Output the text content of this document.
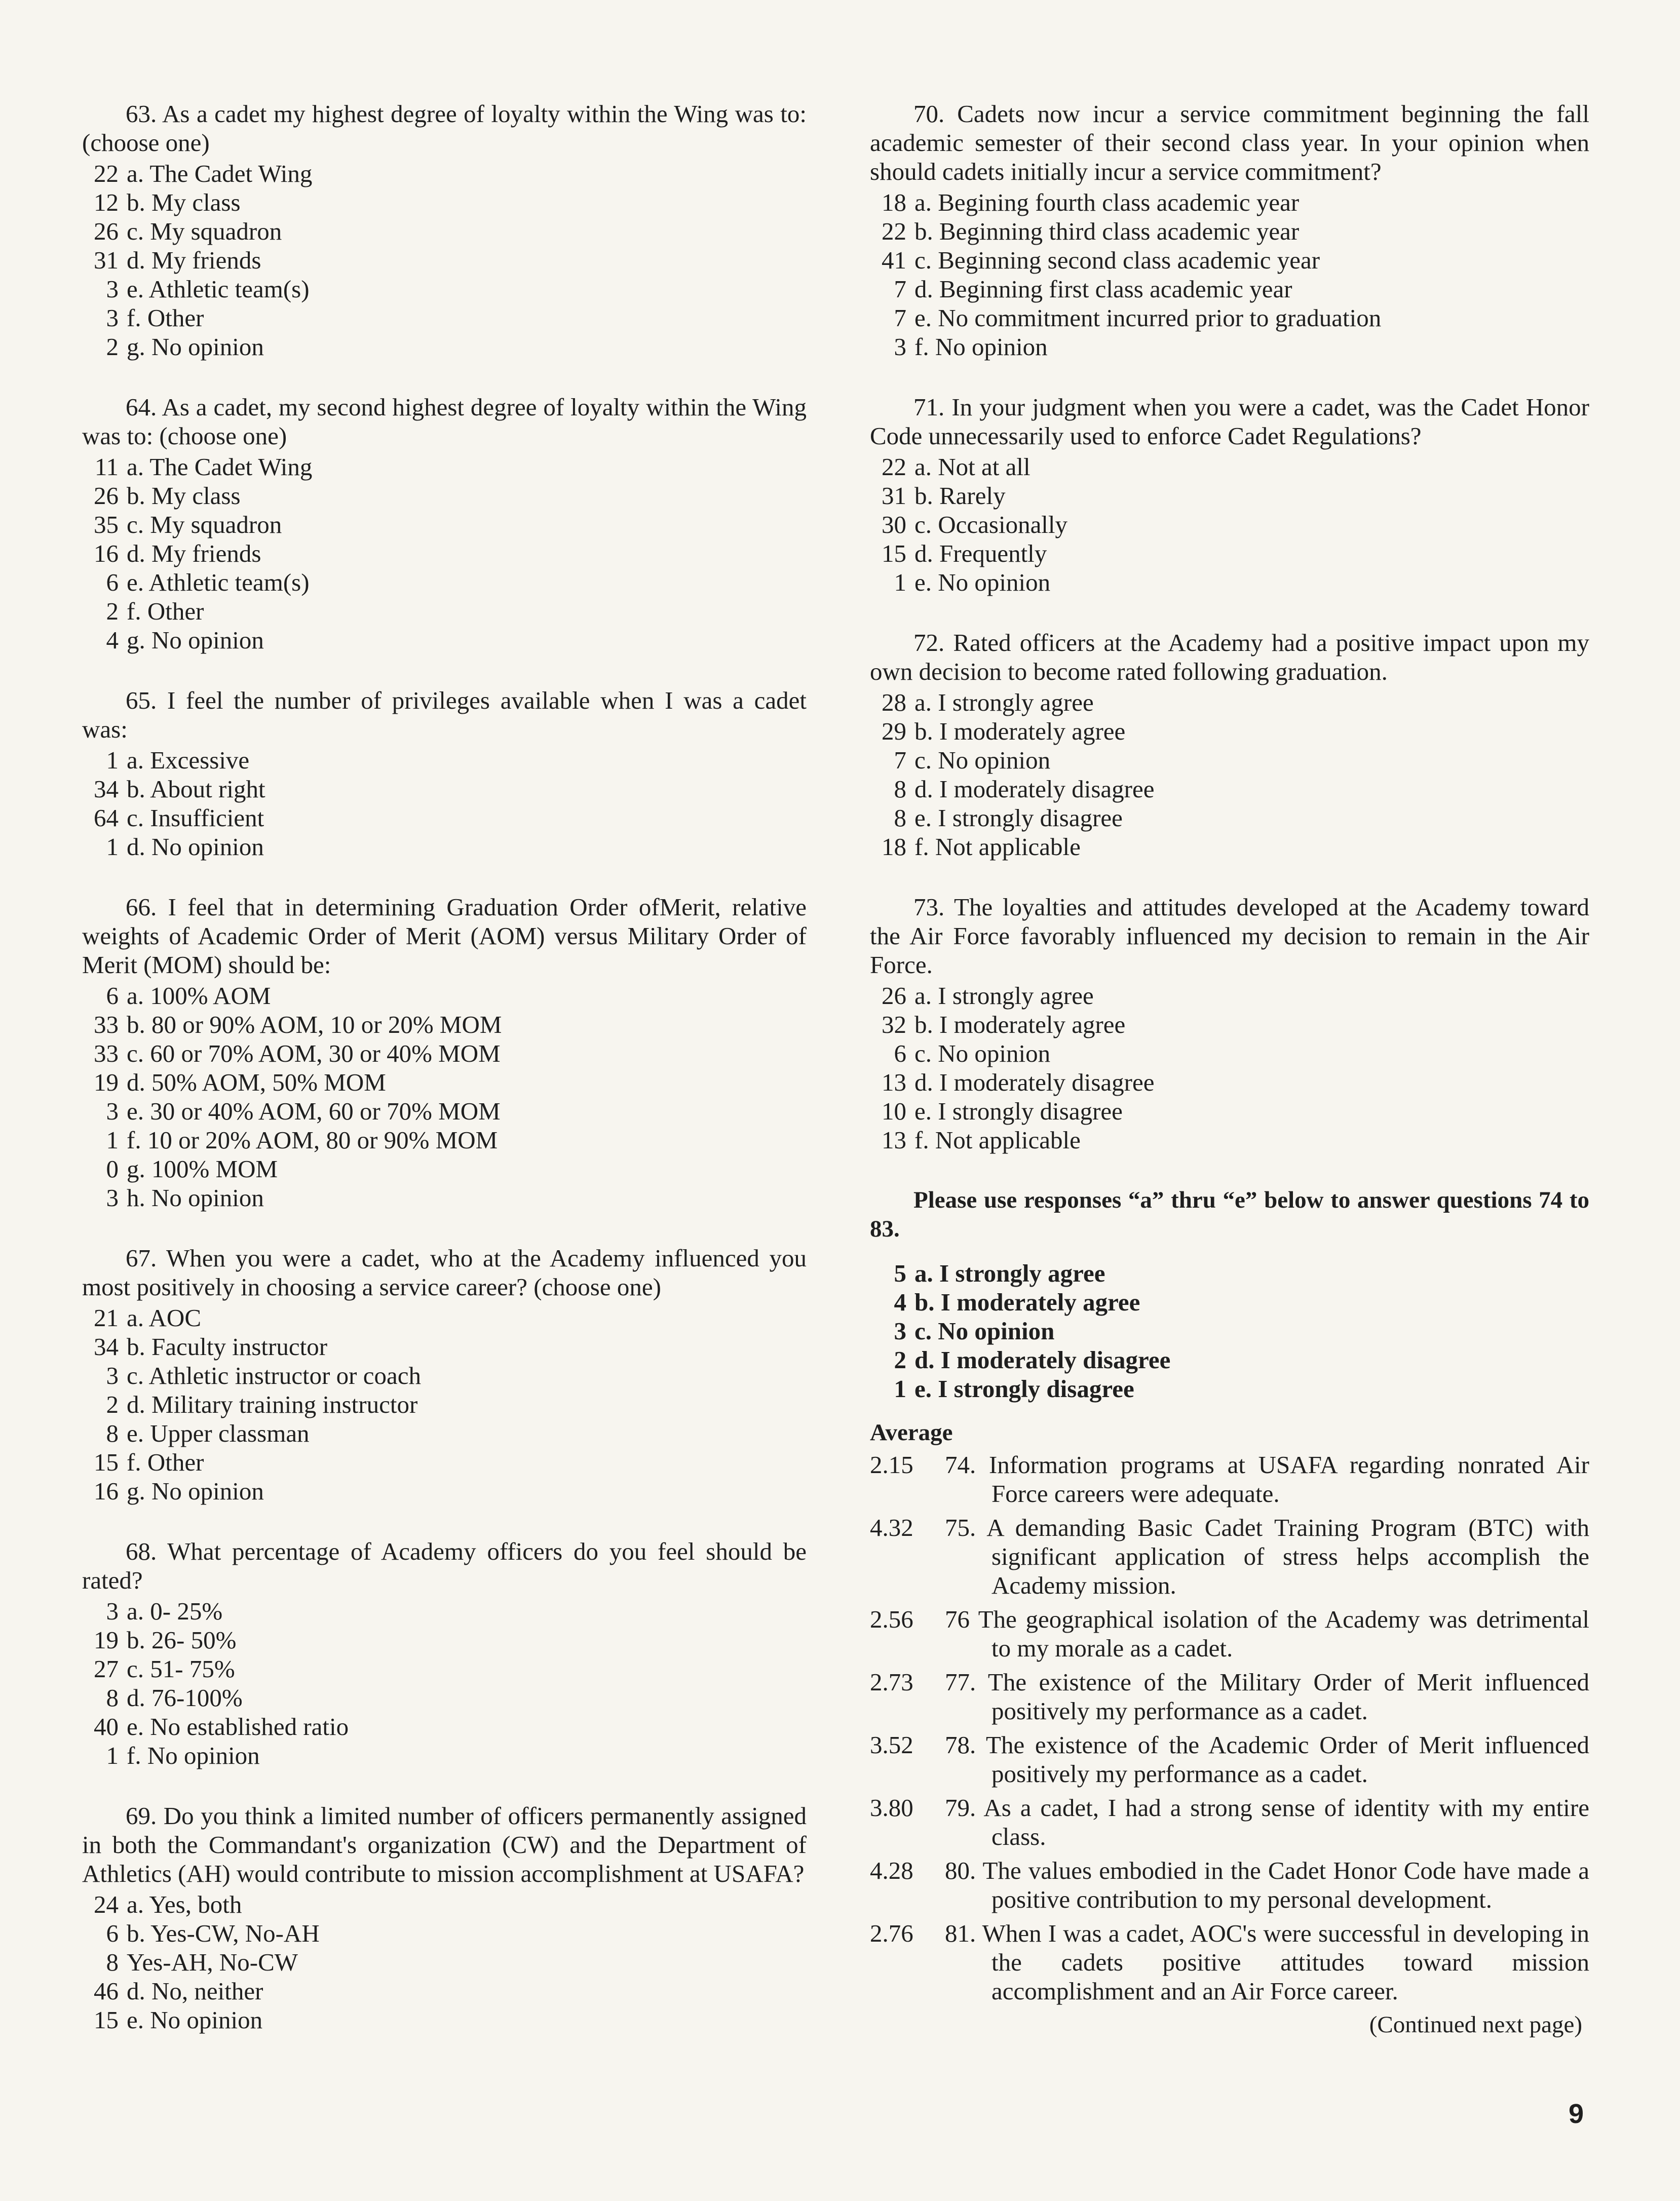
63. As a cadet my highest degree of loyalty within the Wing was to: (choose one)

22 a. The Cadet Wing
12 b. My class
26 c. My squadron
31 d. My friends
3 e. Athletic team(s)
3 f. Other
2 g. No opinion

64. As a cadet, my second highest degree of loyalty within the Wing was to: (choose one)

11 a. The Cadet Wing
26 b. My class
35 c. My squadron
16 d. My friends
6 e. Athletic team(s)
2 f. Other
4 g. No opinion

65. I feel the number of privileges available when I was a cadet was:

1 a. Excessive
34 b. About right
64 c. Insufficient
1 d. No opinion

66. I feel that in determining Graduation Order ofMerit, relative weights of Academic Order of Merit (AOM) versus Military Order of Merit (MOM) should be:

6 a. 100% AOM
33 b. 80 or 90% AOM, 10 or 20% MOM
33 c. 60 or 70% AOM, 30 or 40% MOM
19 d. 50% AOM, 50% MOM
3 e. 30 or 40% AOM, 60 or 70% MOM
1 f. 10 or 20% AOM, 80 or 90% MOM
0 g. 100% MOM
3 h. No opinion

67. When you were a cadet, who at the Academy influenced you most positively in choosing a service career? (choose one)

21 a. AOC
34 b. Faculty instructor
3 c. Athletic instructor or coach
2 d. Military training instructor
8 e. Upper classman
15 f. Other
16 g. No opinion

68. What percentage of Academy officers do you feel should be rated?

3 a. 0- 25%
19 b. 26- 50%
27 c. 51- 75%
8 d. 76-100%
40 e. No established ratio
1 f. No opinion

69. Do you think a limited number of officers permanently assigned in both the Commandant's organization (CW) and the Department of Athletics (AH) would contribute to mission accomplishment at USAFA?

24 a. Yes, both
6 b. Yes-CW, No-AH
8 Yes-AH, No-CW
46 d. No, neither
15 e. No opinion

70. Cadets now incur a service commitment beginning the fall academic semester of their second class year. In your opinion when should cadets initially incur a service commitment?

18 a. Begining fourth class academic year
22 b. Beginning third class academic year
41 c. Beginning second class academic year
7 d. Beginning first class academic year
7 e. No commitment incurred prior to graduation
3 f. No opinion

71. In your judgment when you were a cadet, was the Cadet Honor Code unnecessarily used to enforce Cadet Regulations?

22 a. Not at all
31 b. Rarely
30 c. Occasionally
15 d. Frequently
1 e. No opinion

72. Rated officers at the Academy had a positive impact upon my own decision to become rated following graduation.

28 a. I strongly agree
29 b. I moderately agree
7 c. No opinion
8 d. I moderately disagree
8 e. I strongly disagree
18 f. Not applicable

73. The loyalties and attitudes developed at the Academy toward the Air Force favorably influenced my decision to remain in the Air Force.

26 a. I strongly agree
32 b. I moderately agree
6 c. No opinion
13 d. I moderately disagree
10 e. I strongly disagree
13 f. Not applicable

Please use responses “a” thru “e” below to answer questions 74 to 83.

5 a. I strongly agree
4 b. I moderately agree
3 c. No opinion
2 d. I moderately disagree
1 e. I strongly disagree
Average
2.15	74. Information programs at USAFA regarding nonrated Air Force careers were adequate.
4.32	75. A demanding Basic Cadet Training Program (BTC) with significant application of stress helps accomplish the Academy mission.
2.56	76 The geographical isolation of the Academy was detrimental to my morale as a cadet.
2.73	77. The existence of the Military Order of Merit influenced positively my performance as a cadet.
3.52	78. The existence of the Academic Order of Merit influenced positively my performance as a cadet.
3.80	79. As a cadet, I had a strong sense of identity with my entire class.
4.28	80. The values embodied in the Cadet Honor Code have made a positive contribution to my personal development.
2.76	81. When I was a cadet, AOC's were successful in developing in the cadets positive attitudes toward mission accomplishment and an Air Force career.
(Continued next page)
9
